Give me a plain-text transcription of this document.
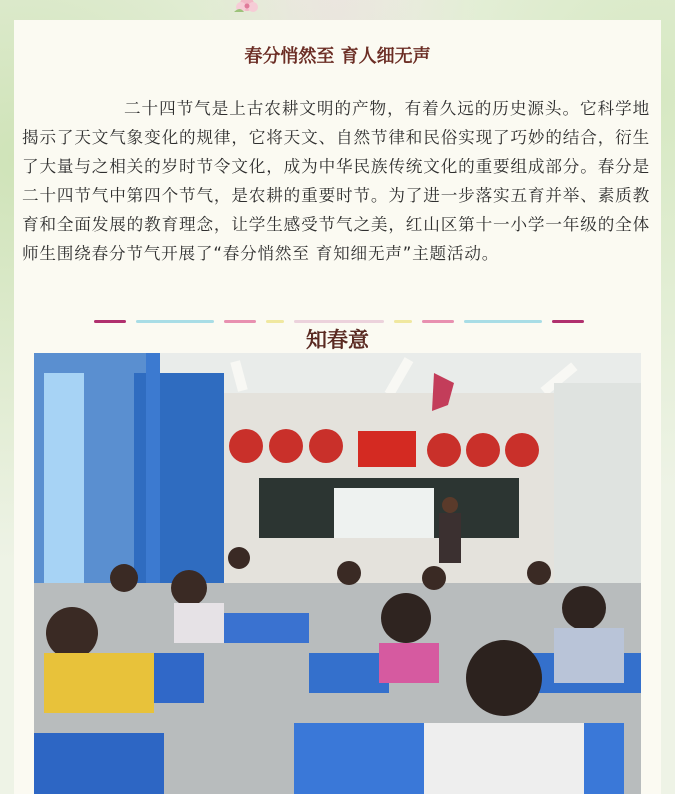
春分悄然至 育人细无声

二十四节气是上古农耕文明的产物，有着久远的历史源头。它科学地揭示了天文气象变化的规律，它将天文、自然节律和民俗实现了巧妙的结合，衍生了大量与之相关的岁时节令文化，成为中华民族传统文化的重要组成部分。春分是二十四节气中第四个节气，是农耕的重要时节。为了进一步落实五育并举、素质教育和全面发展的教育理念，让学生感受节气之美，红山区第十一小学一年级的全体师生围绕春分节气开展了“春分悄然至 育知细无声”主题活动。

知春意
